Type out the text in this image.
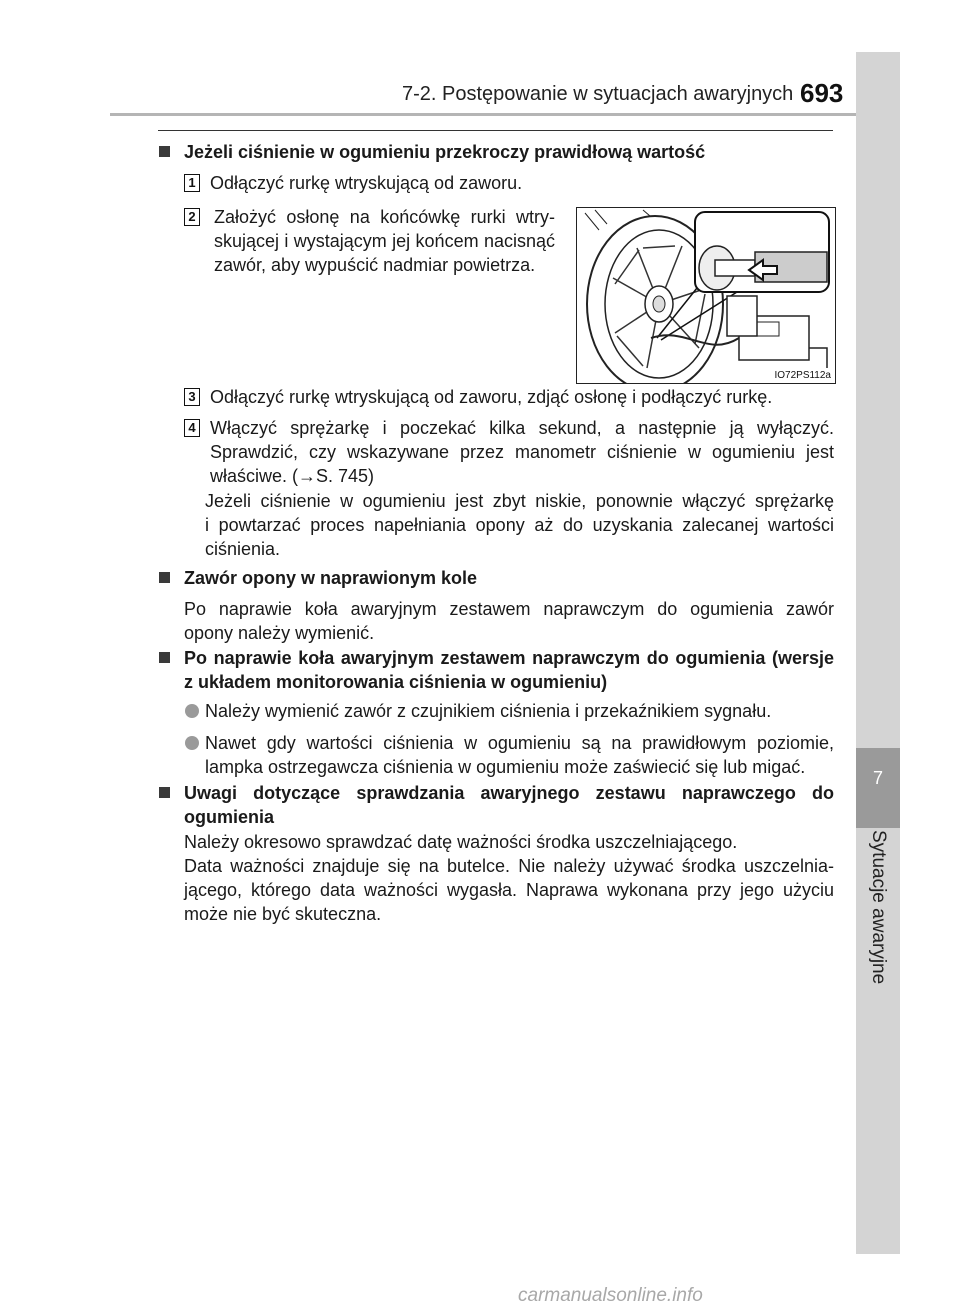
7-2. Postępowanie w sytuacjach awaryjnych 693
7
Sytuacje awaryjne
Jeżeli ciśnienie w ogumieniu przekroczy prawidłową wartość
1 Odłączyć rurkę wtryskującą od zaworu.
2 Założyć osłonę na końcówkę rurki wtry-
skującej i wystającym jej końcem nacisnąć
zawór, aby wypuścić nadmiar powietrza.
IO72PS112a
3 Odłączyć rurkę wtryskującą od zaworu, zdjąć osłonę i podłączyć rurkę.
4 Włączyć sprężarkę i poczekać kilka sekund, a następnie ją wyłączyć.
Sprawdzić, czy wskazywane przez manometr ciśnienie w ogumieniu jest
właściwe. (→S. 745)
Jeżeli ciśnienie w ogumieniu jest zbyt niskie, ponownie włączyć sprężarkę
i powtarzać proces napełniania opony aż do uzyskania zalecanej wartości
ciśnienia.
Zawór opony w naprawionym kole
Po naprawie koła awaryjnym zestawem naprawczym do ogumienia zawór
opony należy wymienić.
Po naprawie koła awaryjnym zestawem naprawczym do ogumienia (wersje
z układem monitorowania ciśnienia w ogumieniu)
Należy wymienić zawór z czujnikiem ciśnienia i przekaźnikiem sygnału.
Nawet gdy wartości ciśnienia w ogumieniu są na prawidłowym poziomie,
lampka ostrzegawcza ciśnienia w ogumieniu może zaświecić się lub migać.
Uwagi dotyczące sprawdzania awaryjnego zestawu naprawczego do
ogumienia
Należy okresowo sprawdzać datę ważności środka uszczelniającego.
Data ważności znajduje się na butelce. Nie należy używać środka uszczelnia-
jącego, którego data ważności wygasła. Naprawa wykonana przy jego użyciu
może nie być skuteczna.
carmanualsonline.info
